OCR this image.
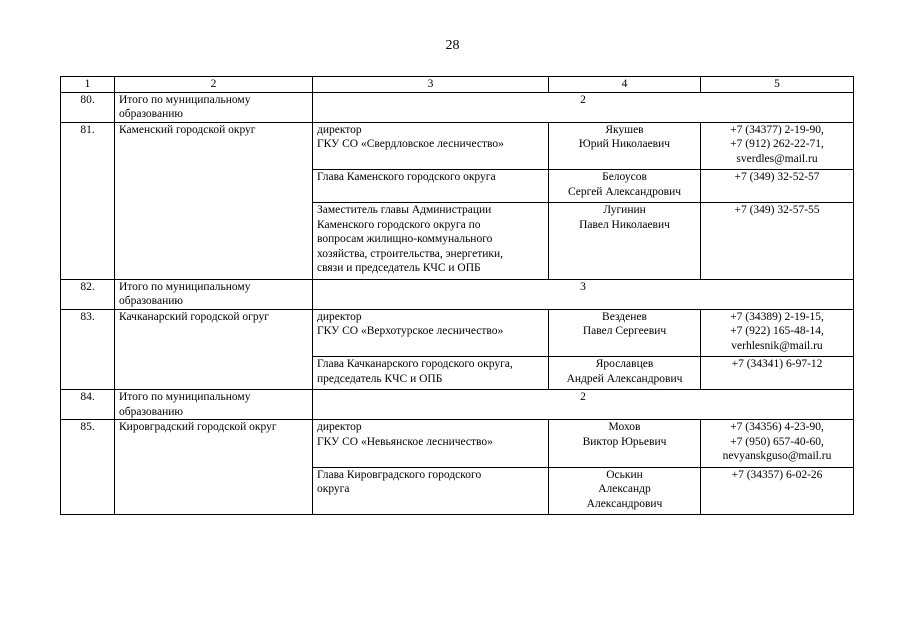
28
1	2	3	4	5
80.	Итого по муниципальному
образованию	2		
81.	Каменский городской округ	директор
ГКУ СО «Свердловское лесничество»	Якушев
Юрий Николаевич	+7 (34377) 2-19-90,
+7 (912) 262-22-71,
sverdles@mail.ru
		Глава Каменского городского округа	Белоусов
Сергей Александрович	+7 (349) 32-52-57
		Заместитель главы Администрации
Каменского городского округа по
вопросам жилищно-коммунального
хозяйства, строительства, энергетики,
связи и председатель КЧС и ОПБ	Лугинин
Павел Николаевич	+7 (349) 32-57-55
82.	Итого по муниципальному
образованию	3		
83.	Качканарский городской огруг	директор
ГКУ СО «Верхотурское лесничество»	Везденев
Павел Сергеевич	+7 (34389) 2-19-15,
+7 (922) 165-48-14,
verhlesnik@mail.ru
		Глава Качканарского городского округа,
председатель КЧС и ОПБ	Ярославцев
Андрей Александрович	+7 (34341) 6-97-12
84.	Итого по муниципальному
образованию	2		
85.	Кировградский городской округ	директор
ГКУ СО «Невьянское лесничество»	Мохов
Виктор Юрьевич	+7 (34356) 4-23-90,
+7 (950) 657-40-60,
nevyanskguso@mail.ru
		Глава Кировградского городского
округа	Оськин
Александр
Александрович	+7 (34357) 6-02-26
